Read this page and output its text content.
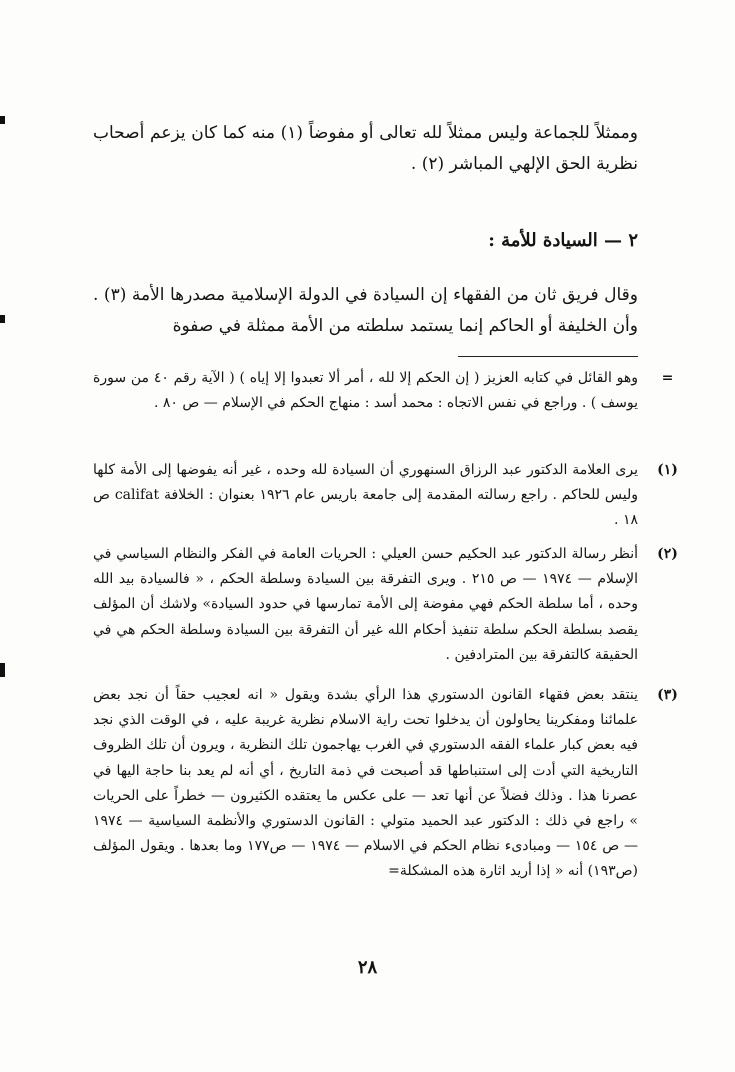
وممثلاً للجماعة وليس ممثلاً لله تعالى أو مفوضاً (١) منه كما كان يزعم أصحاب نظرية الحق الإلهي المباشر (٢) .

٢ — السيادة للأمة :

وقال فريق ثان من الفقهاء إن السيادة في الدولة الإسلامية مصدرها الأمة (٣) . وأن الخليفة أو الحاكم إنما يستمد سلطته من الأمة ممثلة في صفوة

=
وهو القائل في كتابه العزيز ( إن الحكم إلا لله ، أمر ألا تعبدوا إلا إياه ) ( الآية رقم ٤٠ من سورة يوسف ) . وراجع في نفس الاتجاه : محمد أسد : منهاج الحكم في الإسلام — ص ٨٠ .
(١)
يرى العلامة الدكتور عبد الرزاق السنهوري أن السيادة لله وحده ، غير أنه يفوضها إلى الأمة كلها وليس للحاكم . راجع رسالته المقدمة إلى جامعة باريس عام ١٩٢٦ بعنوان : الخلافة califat ص ١٨ .
(٢)
أنظر رسالة الدكتور عبد الحكيم حسن العيلي : الحريات العامة في الفكر والنظام السياسي في الإسلام — ١٩٧٤ — ص ٢١٥ . ويرى التفرقة بين السيادة وسلطة الحكم ، « فالسيادة بيد الله وحده ، أما سلطة الحكم فهي مفوضة إلى الأمة تمارسها في حدود السيادة» ولاشك أن المؤلف يقصد بسلطة الحكم سلطة تنفيذ أحكام الله غير أن التفرقة بين السيادة وسلطة الحكم هي في الحقيقة كالتفرقة بين المترادفين .
(٣)
ينتقد بعض فقهاء القانون الدستوري هذا الرأي بشدة ويقول « انه لعجيب حقاً أن نجد بعض علمائنا ومفكرينا يحاولون أن يدخلوا تحت راية الاسلام نظرية غريبة عليه ، في الوقت الذي نجد فيه بعض كبار علماء الفقه الدستوري في الغرب يهاجمون تلك النظرية ، ويرون أن تلك الظروف التاريخية التي أدت إلى استنباطها قد أصبحت في ذمة التاريخ ، أي أنه لم يعد بنا حاجة اليها في عصرنا هذا . وذلك فضلاً عن أنها تعد — على عكس ما يعتقده الكثيرون — خطراً على الحريات » راجع في ذلك : الدكتور عبد الحميد متولي : القانون الدستوري والأنظمة السياسية — ١٩٧٤ — ص ١٥٤ — ومبادىء نظام الحكم في الاسلام — ١٩٧٤ — ص١٧٧ وما بعدها . ويقول المؤلف (ص١٩٣) أنه « إذا أريد اثارة هذه المشكلة=
٢٨
